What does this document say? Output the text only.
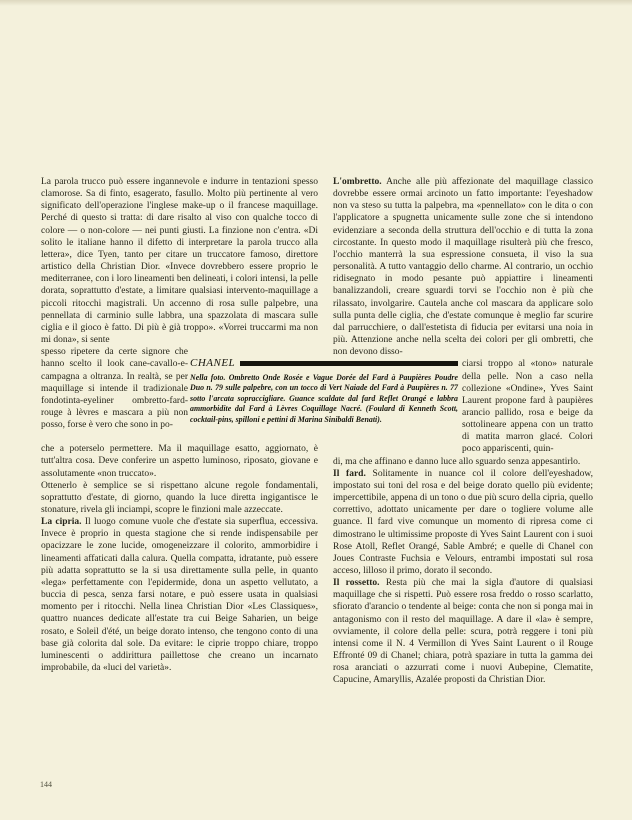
La parola trucco può essere ingannevole e indurre in tentazioni spesso clamorose. Sa di finto, esagerato, fasullo. Molto più pertinente al vero significato dell'operazione l'inglese make-up o il francese maquillage. Perché di questo si tratta: di dare risalto al viso con qualche tocco di colore — o non-colore — nei punti giusti. La finzione non c'entra. «Di solito le italiane hanno il difetto di interpretare la parola trucco alla lettera», dice Tyen, tanto per citare un truccatore famoso, direttore artistico della Christian Dior. «Invece dovrebbero essere proprio le mediterranee, con i loro lineamenti ben delineati, i colori intensi, la pelle dorata, soprattutto d'estate, a limitare qualsiasi intervento-maquillage a piccoli ritocchi magistrali. Un accenno di rosa sulle palpebre, una pennellata di carminio sulle labbra, una spazzolata di mascara sulle ciglia e il gioco è fatto. Di più è già troppo». «Vorrei truccarmi ma non mi dona», si sente

spesso ripetere da certe signore che hanno scelto il look cane-cavallo-e-campagna a oltranza. In realtà, se per maquillage si intende il tradizionale fondotinta-eyeliner ombretto-fard-rouge à lèvres e mascara a più non posso, forse è vero che sono in po-

che a poterselo permettere. Ma il maquillage esatto, aggiornato, è tutt'altra cosa. Deve conferire un aspetto luminoso, riposato, giovane e assolutamente «non truccato».

Ottenerlo è semplice se si rispettano alcune regole fondamentali, soprattutto d'estate, di giorno, quando la luce diretta ingigantisce le stonature, rivela gli inciampi, scopre le finzioni male azzeccate.

La cipria. Il luogo comune vuole che d'estate sia superflua, eccessiva. Invece è proprio in questa stagione che si rende indispensabile per opacizzare le zone lucide, omogeneizzare il colorito, ammorbidire i lineamenti affaticati dalla calura. Quella compatta, idratante, può essere più adatta soprattutto se la si usa direttamente sulla pelle, in quanto «lega» perfettamente con l'epidermide, dona un aspetto vellutato, a buccia di pesca, senza farsi notare, e può essere usata in qualsiasi momento per i ritocchi. Nella linea Christian Dior «Les Classiques», quattro nuances dedicate all'estate tra cui Beige Saharien, un beige rosato, e Soleil d'été, un beige dorato intenso, che tengono conto di una base già colorita dal sole. Da evitare: le ciprie troppo chiare, troppo luminescenti o addirittura paillettose che creano un incarnato improbabile, da «luci del varietà».

L'ombretto. Anche alle più affezionate del maquillage classico dovrebbe essere ormai arcinoto un fatto importante: l'eyeshadow non va steso su tutta la palpebra, ma «pennellato» con le dita o con l'applicatore a spugnetta unicamente sulle zone che si intendono evidenziare a seconda della struttura dell'occhio e di tutta la zona circostante. In questo modo il maquillage risulterà più che fresco, l'occhio manterrà la sua espressione consueta, il viso la sua personalità. A tutto vantaggio dello charme. Al contrario, un occhio ridisegnato in modo pesante può appiattire i lineamenti banalizzandoli, creare sguardi torvi se l'occhio non è più che rilassato, involgarire. Cautela anche col mascara da applicare solo sulla punta delle ciglia, che d'estate comunque è meglio far scurire dal parrucchiere, o dall'estetista di fiducia per evitarsi una noia in più. Attenzione anche nella scelta dei colori per gli ombretti, che non devono disso-

ciarsi troppo al «tono» naturale della pelle. Non a caso nella collezione «Ondine», Yves Saint Laurent propone fard à paupières arancio pallido, rosa e beige da sottolineare appena con un tratto di matita marron glacé. Colori poco appariscenti, quin-

di, ma che affinano e danno luce allo sguardo senza appesantirlo.

Il fard. Solitamente in nuance col il colore dell'eyeshadow, impostato sui toni del rosa e del beige dorato quello più evidente; impercettibile, appena di un tono o due più scuro della cipria, quello correttivo, adottato unicamente per dare o togliere volume alle guance. Il fard vive comunque un momento di ripresa come ci dimostrano le ultimissime proposte di Yves Saint Laurent con i suoi Rose Atoll, Reflet Orangé, Sable Ambré; e quelle di Chanel con Joues Contraste Fuchsia e Velours, entrambi impostati sul rosa acceso, lilloso il primo, dorato il secondo.

Il rossetto. Resta più che mai la sigla d'autore di qualsiasi maquillage che si rispetti. Può essere rosa freddo o rosso scarlatto, sfiorato d'arancio o tendente al beige: conta che non si ponga mai in antagonismo con il resto del maquillage. A dare il «la» è sempre, ovviamente, il colore della pelle: scura, potrà reggere i toni più intensi come il N. 4 Vermillon di Yves Saint Laurent o il Rouge Effronté 09 di Chanel; chiara, potrà spaziare in tutta la gamma dei rosa aranciati o azzurrati come i nuovi Aubepine, Clematite, Capucine, Amaryllis, Azalée proposti da Christian Dior.

CHANEL

Nella foto. Ombretto Onde Rosée e Vague Dorée del Fard à Paupières Poudre Duo n. 79 sulle palpebre, con un tocco di Vert Naiade del Fard à Paupières n. 77 sotto l'arcata sopraccigliare. Guance scaldate dal fard Reflet Orangé e labbra ammorbidite dal Fard à Lèvres Coquillage Nacré. (Foulard di Kenneth Scott, cocktail-pins, spilloni e pettini di Marina Sinibaldi Benati).

144
